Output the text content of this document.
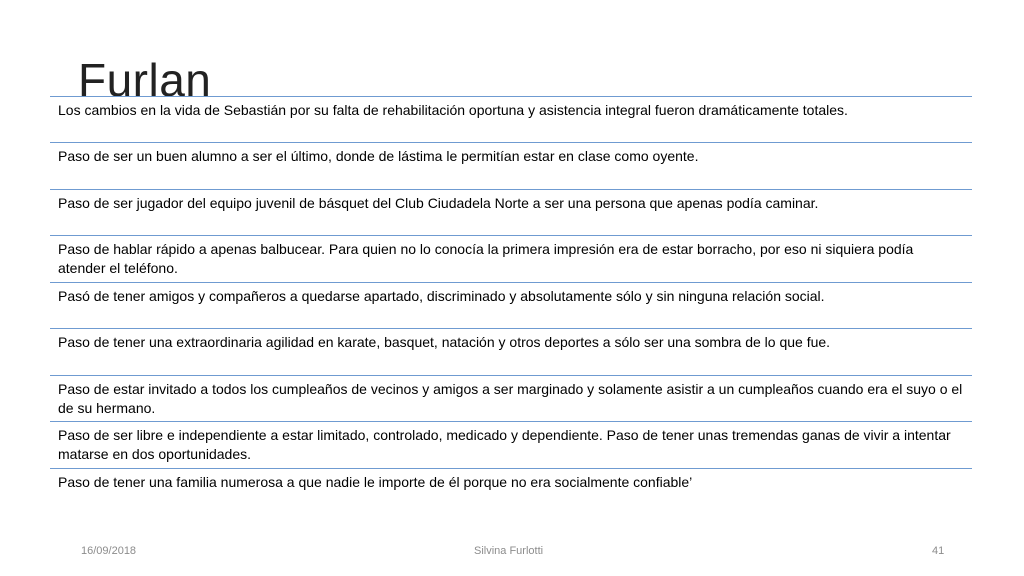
Furlan
Los cambios en la vida de Sebastián por su falta de rehabilitación oportuna y asistencia integral fueron dramáticamente totales.
Paso de ser un buen alumno a ser el último, donde de lástima le permitían estar en clase como oyente.
Paso de ser jugador del equipo juvenil de básquet del Club Ciudadela Norte a ser una persona que apenas podía caminar.
Paso de hablar rápido a apenas balbucear. Para quien no lo conocía la primera impresión era de estar borracho, por eso ni siquiera podía atender el teléfono.
Pasó de tener amigos y compañeros a quedarse apartado, discriminado y absolutamente sólo y sin ninguna relación social.
Paso de tener una extraordinaria agilidad en karate, basquet, natación y otros deportes a sólo ser una sombra de lo que fue.
Paso de estar invitado a todos los cumpleaños de vecinos y amigos a ser marginado y solamente asistir a un cumpleaños cuando era el suyo o el de su hermano.
Paso de ser libre e independiente a estar limitado, controlado, medicado y dependiente. Paso de tener unas tremendas ganas de vivir a intentar matarse en dos oportunidades.
Paso de tener una familia numerosa a que nadie le importe de él porque no era socialmente confiable’
16/09/2018	Silvina Furlotti	41
